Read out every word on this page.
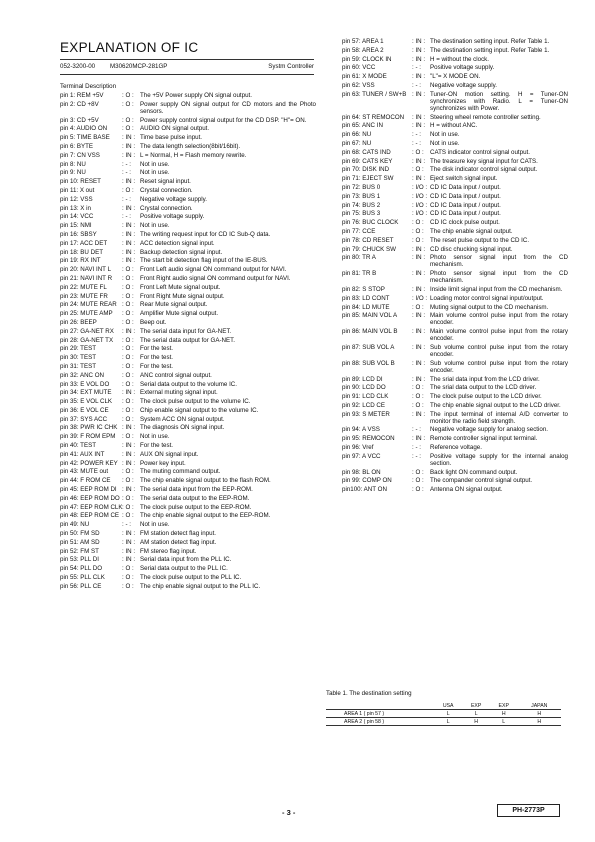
EXPLANATION OF IC
052-3200-00	M30620MCP-281GP	Systm Controller
Terminal Description
pin 1: REM +5V	: O :	The +5V Power supply ON signal output.
pin 2: CD +8V	: O :	Power supply ON signal output for CD motors and the Photo sensors.
pin 3: CD +5V	: O :	Power supply control signal output for the CD DSP. "H"= ON.
pin 4: AUDIO ON	: O :	AUDIO ON signal output.
pin 5: TIME BASE	: IN : Time base pulse input.
pin 6: BYTE	: IN : The data length selection(8bit/16bit).
pin 7: CN VSS	: IN : L = Normal, H = Flash memory rewrite.
pin 8: NU	: - :	Not in use.
pin 9: NU	: - :	Not in use.
pin 10: RESET	: IN : Reset signal input.
pin 11: X out	: O :	Crystal connection.
pin 12: VSS	: - :	Negative voltage supply.
pin 13: X in	: IN : Crystal connection.
pin 14: VCC	: - :	Positive voltage supply.
pin 15: NMI	: IN : Not in use.
pin 16: SBSY	: IN : The writing request input for CD IC Sub-Q data.
pin 17: ACC DET	: IN : ACC detection signal input.
pin 18: BU DET	: IN : Backup detection signal input.
pin 19: RX INT	: IN : The start bit detection flag input of the IE-BUS.
pin 20: NAVI INT L	: O :	Front Left audio signal ON command output for NAVI.
pin 21: NAVI INT R	: O :	Front Right audio signal ON command output for NAVI.
pin 22: MUTE FL	: O :	Front Left Mute signal output.
pin 23: MUTE FR	: O :	Front Right Mute signal output.
pin 24: MUTE REAR : O :	Rear Mute signal output.
pin 25: MUTE AMP	: O :	Amplifier Mute signal output.
pin 26: BEEP	: O :	Beep out.
pin 27: GA-NET RX	: IN : The serial data input for GA-NET.
pin 28: GA-NET TX	: O :	The serial data output for GA-NET.
pin 29: TEST	: O :	For the test.
pin 30: TEST	: O :	For the test.
pin 31: TEST	: O :	For the test.
pin 32: ANC ON	: O :	ANC control signal output.
pin 33: E VOL DO	: O :	Serial data output to the volume IC.
pin 34: EXT MUTE	: IN : External muting signal input.
pin 35: E VOL CLK	: O :	The clock pulse output to the volume IC.
pin 36: E VOL CE	: O :	Chip enable signal output to the volume IC.
pin 37: SYS ACC	: O :	System ACC ON signal output.
pin 38: PWR IC CHK : IN : The diagnosis ON signal input.
pin 39: F ROM EPM	: O :	Not in use.
pin 40: TEST	: IN : For the test.
pin 41: AUX INT	: IN : AUX ON signal input.
pin 42: POWER KEY : IN : Power key input.
pin 43: MUTE out	: O :	The muting command output.
pin 44: F ROM CE	: O :	The chip enable signal output to the flash ROM.
pin 45: EEP ROM DI : IN : The serial data input from the EEP-ROM.
pin 46: EEP ROM DO : O :	The serial data output to the EEP-ROM.
pin 47: EEP ROM CLK : O :	The clock pulse output to the EEP-ROM.
pin 48: EEP ROM CE : O :	The chip enable signal output to the EEP-ROM.
pin 49: NU	: - :	Not in use.
pin 50: FM SD	: IN : FM station detect flag input.
pin 51: AM SD	: IN : AM station detect flag input.
pin 52: FM ST	: IN : FM stereo flag input.
pin 53: PLL DI	: IN : Serial data input from the PLL IC.
pin 54: PLL DO	: O :	Serial data output to the PLL IC.
pin 55: PLL CLK	: O :	The clock pulse output to the PLL IC.
pin 56: PLL CE	: O :	The chip enable signal output to the PLL IC.
pin 57: AREA 1	: IN : The destination setting input. Refer Table 1.
pin 58: AREA 2	: IN : The destination setting input. Refer Table 1.
pin 59: CLOCK IN	: IN : H = without the clock.
pin 60: VCC	: - :	Positive voltage supply.
pin 61: X MODE	: IN : "L"= X MODE ON.
pin 62: VSS	: - :	Negative voltage supply.
pin 63: TUNER / SW+B : IN : Tuner-ON motion setting. H = Tuner-ON synchronizes with Radio. L = Tuner-ON synchronizes with Power.
pin 64: ST REMOCON	: IN : Steering wheel remote controller setting.
pin 65: ANC IN	: IN : H = without ANC.
pin 66: NU	: - :	Not in use.
pin 67: NU	: - :	Not in use.
pin 68: CATS IND	: O :	CATS indicator control signal output.
pin 69: CATS KEY	: IN : The treasure key signal input for CATS.
pin 70: DISK IND	: O :	The disk indicator control signal output.
pin 71: EJECT SW	: IN : Eject switch signal input.
pin 72: BUS 0	: I/O : CD IC Data input / output.
pin 73: BUS 1	: I/O : CD IC Data input / output.
pin 74: BUS 2	: I/O : CD IC Data input / output.
pin 75: BUS 3	: I/O : CD IC Data input / output.
pin 76: BUC CLOCK	: O :	CD IC clock pulse output.
pin 77: CCE	: O :	The chip enable signal output.
pin 78: CD RESET	: O :	The reset pulse output to the CD IC.
pin 79: CHUCK SW	: IN : CD disc chucking signal input.
pin 80: TR A	: IN : Photo sensor signal input from the CD mechanism.
pin 81: TR B	: IN : Photo sensor signal input from the CD mechanism.
pin 82: S STOP	: IN : Inside limit signal input from the CD mechanism.
pin 83: LD CONT	: I/O : Loading motor control signal input/output.
pin 84: LD MUTE	: O :	Muting signal output to the CD mechanism.
pin 85: MAIN VOL A	: IN : Main volume control pulse input from the rotary encoder.
pin 86: MAIN VOL B	: IN : Main volume control pulse input from the rotary encoder.
pin 87: SUB VOL A	: IN : Sub volume control pulse input from the rotary encoder.
pin 88: SUB VOL B	: IN : Sub volume control pulse input from the rotary encoder.
pin 89: LCD DI	: IN : The srial data input from the LCD driver.
pin 90: LCD DO	: O :	The srial data output to the LCD driver.
pin 91: LCD CLK	: O :	The clock pulse output to the LCD driver.
pin 92: LCD CE	: O :	The chip enable signal output to the LCD driver.
pin 93: S METER	: IN : The input terminal of internal A/D converter to monitor the radio field strength.
pin 94: A VSS	: - :	Negative voltage supply for analog section.
pin 95: REMOCON	: IN : Remote controller signal input terminal.
pin 96: Vref	: - :	Reference voltage.
pin 97: A VCC	: - :	Positive voltage supply for the internal analog section.
pin 98: BL ON	: O :	Back light ON command output.
pin 99: COMP ON	: O :	The compander control signal output.
pin100: ANT ON	: O :	Antenna ON signal output.
Table 1. The destination setting
	USA	EXP	EXP	JAPAN
AREA 1 ( pin 57 )	L	L	H	H
AREA 2 ( pin 58 )	L	H	L	H
- 3 -	PH-2773P
